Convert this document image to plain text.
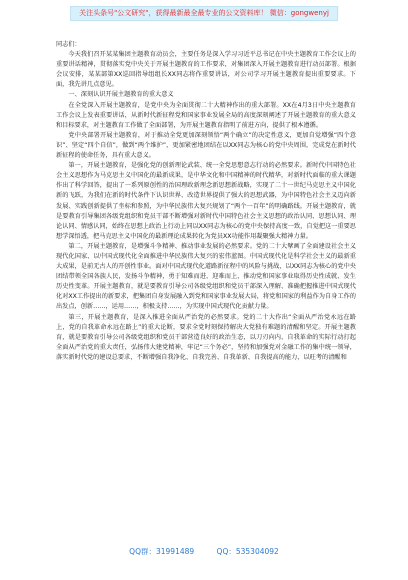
关注头条号"公文研究"，获得最新最全最专业的公文资料库！ 微信：gongwenyj

同志们：

今天我们召开某某集团主题教育动员会，主要任务是深入学习习近平总书记在中央主题教育工作会议上的重要讲话精神，贯彻落实党中央关于开展主题教育的工作要求，对集团深入开展主题教育进行动员部署。根据会议安排，某某部第XX巡回指导组组长XX同志将作重要讲话，对公司学习开展主题教育提出重要要求。下面，我先讲几点意见。

一、深刻认识开展主题教育的重大意义

在全党深入开展主题教育，是党中央为全面贯彻二十大精神作出的重大部署。XX在4月3日中央主题教育工作会议上发表重要讲话，从新时代新征程党和国家事业发展全局的高度深刻阐述了开展主题教育的重大意义和目标要求，对主题教育工作做了全面部署，为开展主题教育指明了前进方向，提供了根本遵循。

党中央部署开展主题教育，对于推动全党更加深刻领悟“两个确立”的决定性意义，更加自觉增强“四个意识”、坚定“四个自信”，做到“两个维护”，更加紧密地团结在以XX同志为核心的党中央周围，完成党在新时代新征程的使命任务，具有重大意义。

第一，开展主题教育，是强化党的创新理论武装、统一全党思想意志行动的必然要求。新时代中国特色社会主义思想作为马克思主义中国化的最新成果，是中华文化和中国精神的时代精华，对新时代面临的重大课题作出了科学回答，提出了一系列原创性的治国理政新理念新思想新战略，实现了二十一世纪马克思主义中国化新的飞跃，为我们在新的时代条件下认识世界、改造世界提供了强大的思想武器，为中国特色社会主义迈向新发展、实践创新提供了坐标和参照，为中华民族伟大复兴规划了“两个一百年”的明确路线。开展主题教育，就是要教育引导集团各级党组织和党员干部不断增强对新时代中国特色社会主义思想的政治认同、思想认同、理论认同、情感认同，始终在思想上政治上行动上同以XX同志为核心的党中央保持高度一致，自觉把这一重要思想学深悟透，把马克思主义中国化的最新理论成果转化为党员XX功能作用凝聚强大精神力量。

第二，开展主题教育，是增强斗争精神、推动事业发展的必然要求。党的二十大擘画了全面建设社会主义现代化国家、以中国式现代化全面推进中华民族伟大复兴的宏伟蓝图。中国式现代化是科学社会主义的最新重大成果，是前无古人的开创性事业。面对中国式现代化道路新征程中的风险与挑战，以XX同志为核心的党中央团结带领全国各族人民，发扬斗争精神，勇于知难而进、迎难而上，推动党和国家事业取得历史性成就、发生历史性变革。开展主题教育，就是要教育引导公司各级党组织和党员干部深入理解、准确把握推进中国式现代化对XX工作提出的新要求，把集团自身发展融入到党和国家事业发展大局，将党和国家的利益作为自身工作的出发点，创新……，运用……，积极支持……，为实现中国式现代化贡献力量。

第三，开展主题教育，是深入推进全面从严治党的必然要求。党的二十大作出“全面从严治党永远在路上，党的自我革命永远在路上”的重大论断，要求全党时刻保持解决大党独有难题的清醒和坚定。开展主题教育，就是要教育引导公司各级党组织和党员干部营造良好的政治生态，以刀刃向内、自我革命的实际行动打起全面从严治党的重大责任，弘扬伟大建党精神，牢记“三个务必”，坚持和加强党对金融工作的集中统一领导，落实新时代党的建设总要求，不断增强自我净化、自我完善、自我革新、自我提高的能力，以旺考的清醒和

QQ群：31991489	QQ：535304092
